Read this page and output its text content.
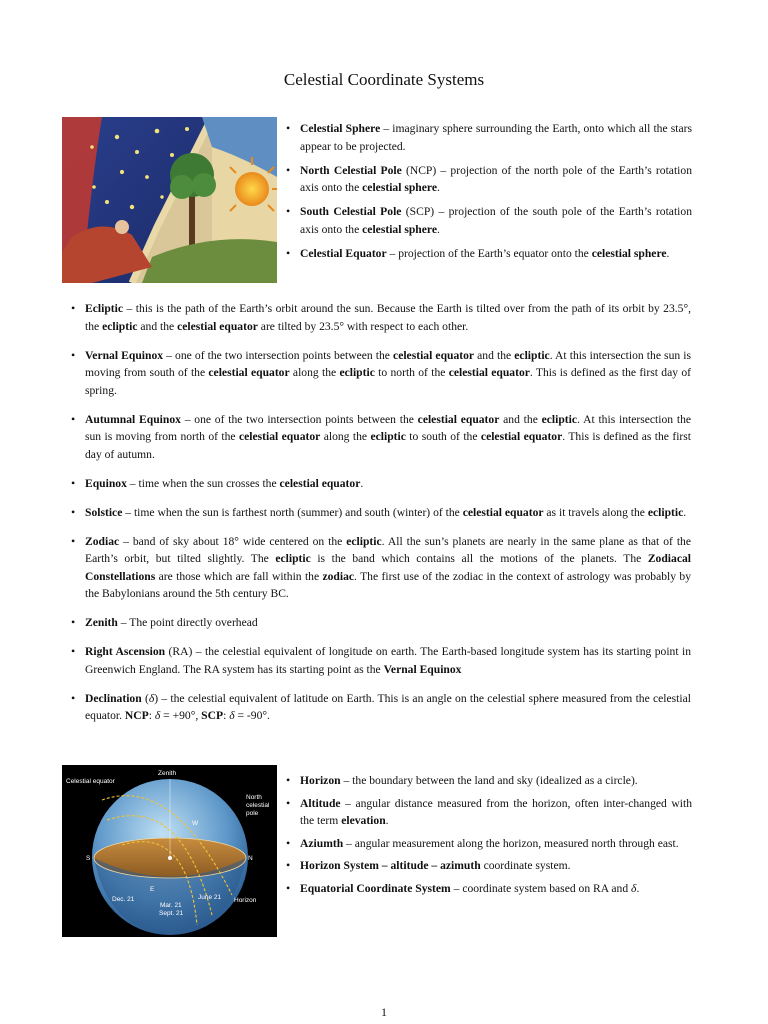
Celestial Coordinate Systems
• Celestial Sphere – imaginary sphere surrounding the Earth, onto which all the stars appear to be projected.
• North Celestial Pole (NCP) – projection of the north pole of the Earth’s rotation axis onto the celestial sphere.
• South Celestial Pole (SCP) – projection of the south pole of the Earth’s rotation axis onto the celestial sphere.
• Celestial Equator – projection of the Earth’s equator onto the celestial sphere.
• Ecliptic – this is the path of the Earth’s orbit around the sun. Because the Earth is tilted over from the path of its orbit by 23.5°, the ecliptic and the celestial equator are tilted by 23.5° with respect to each other.
• Vernal Equinox – one of the two intersection points between the celestial equator and the ecliptic. At this intersection the sun is moving from south of the celestial equator along the ecliptic to north of the celestial equator. This is defined as the first day of spring.
• Autumnal Equinox – one of the two intersection points between the celestial equator and the ecliptic. At this intersection the sun is moving from north of the celestial equator along the ecliptic to south of the celestial equator. This is defined as the first day of autumn.
• Equinox – time when the sun crosses the celestial equator.
• Solstice – time when the sun is farthest north (summer) and south (winter) of the celestial equator as it travels along the ecliptic.
• Zodiac – band of sky about 18° wide centered on the ecliptic. All the sun’s planets are nearly in the same plane as that of the Earth’s orbit, but tilted slightly. The ecliptic is the band which contains all the motions of the planets. The Zodiacal Constellations are those which are fall within the zodiac. The first use of the zodiac in the context of astrology was probably by the Babylonians around the 5th century BC.
• Zenith – The point directly overhead
• Right Ascension (RA) – the celestial equivalent of longitude on earth. The Earth-based longitude system has its starting point in Greenwich England. The RA system has its starting point as the Vernal Equinox
• Declination (δ) – the celestial equivalent of latitude on Earth. This is an angle on the celestial sphere measured from the celestial equator. NCP: δ = +90°, SCP: δ = -90°.
Celestial equator
Zenith
North
celestial
pole
W
S	N
E
Dec. 21
Mar. 21
Sept. 21
June 21 Horizon
• Horizon – the boundary between the land and sky (idealized as a circle).
• Altitude – angular distance measured from the horizon, often inter-changed with the term elevation.
• Aziumth – angular measurement along the horizon, measured north through east.
• Horizon System – altitude – azimuth coordinate system.
• Equatorial Coordinate System – coordinate system based on RA and δ.
1
